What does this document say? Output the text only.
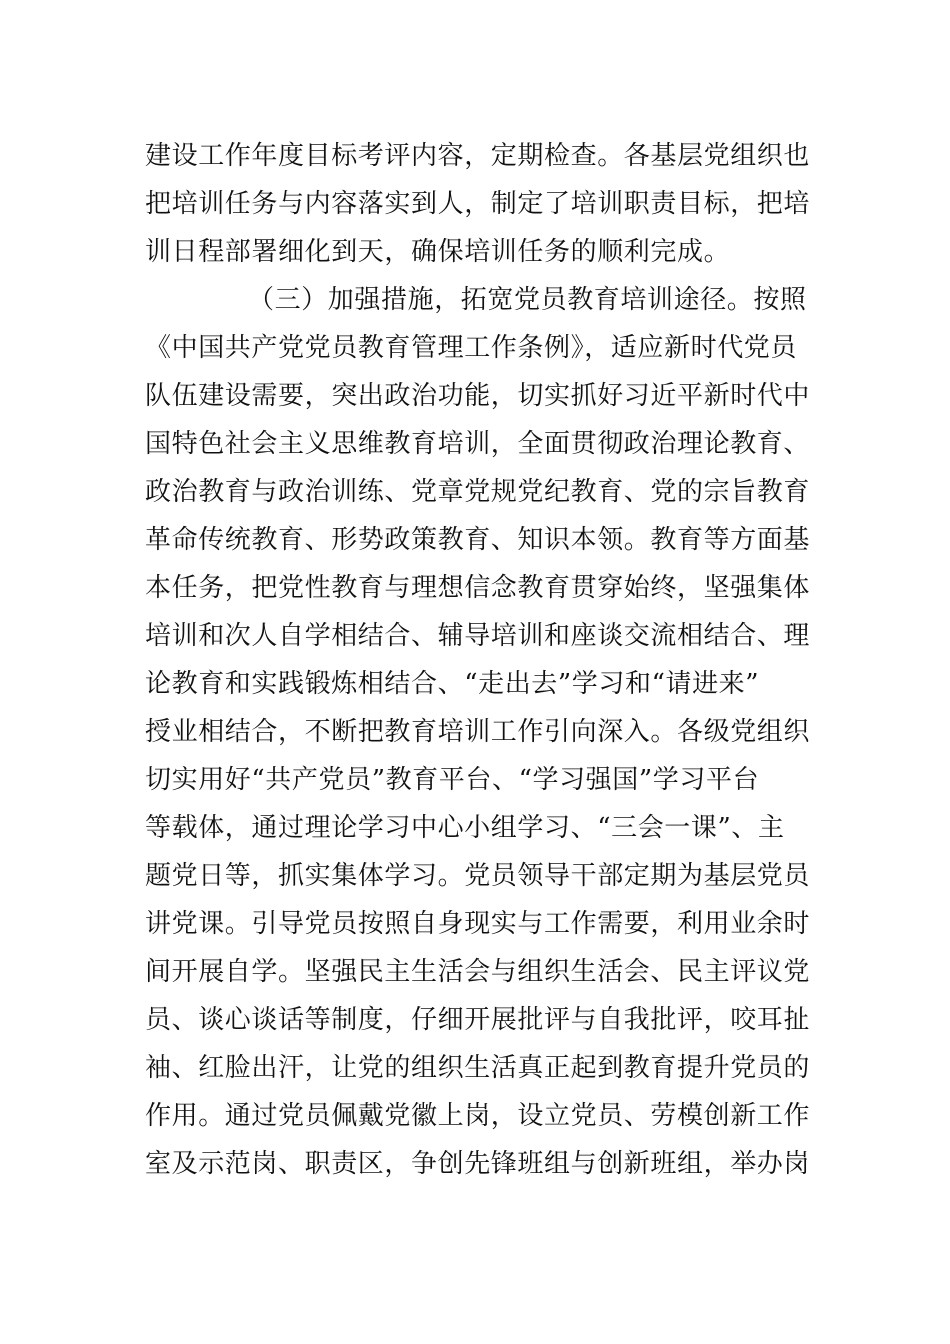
建设工作年度目标考评内容，定期检查。各基层党组织也
把培训任务与内容落实到人，制定了培训职责目标，把培
训日程部署细化到天，确保培训任务的顺利完成。
（三）加强措施，拓宽党员教育培训途径。按照
《中国共产党党员教育管理工作条例》，适应新时代党员
队伍建设需要，突出政治功能，切实抓好习近平新时代中
国特色社会主义思维教育培训，全面贯彻政治理论教育、
政治教育与政治训练、党章党规党纪教育、党的宗旨教育
革命传统教育、形势政策教育、知识本领。教育等方面基
本任务，把党性教育与理想信念教育贯穿始终，坚强集体
培训和次人自学相结合、辅导培训和座谈交流相结合、理
论教育和实践锻炼相结合、“走出去”学习和“请进来”
授业相结合，不断把教育培训工作引向深入。各级党组织
切实用好“共产党员”教育平台、“学习强国”学习平台
等载体，通过理论学习中心小组学习、“三会一课”、主
题党日等，抓实集体学习。党员领导干部定期为基层党员
讲党课。引导党员按照自身现实与工作需要，利用业余时
间开展自学。坚强民主生活会与组织生活会、民主评议党
员、谈心谈话等制度，仔细开展批评与自我批评，咬耳扯
袖、红脸出汗，让党的组织生活真正起到教育提升党员的
作用。通过党员佩戴党徽上岗，设立党员、劳模创新工作
室及示范岗、职责区，争创先锋班组与创新班组，举办岗
